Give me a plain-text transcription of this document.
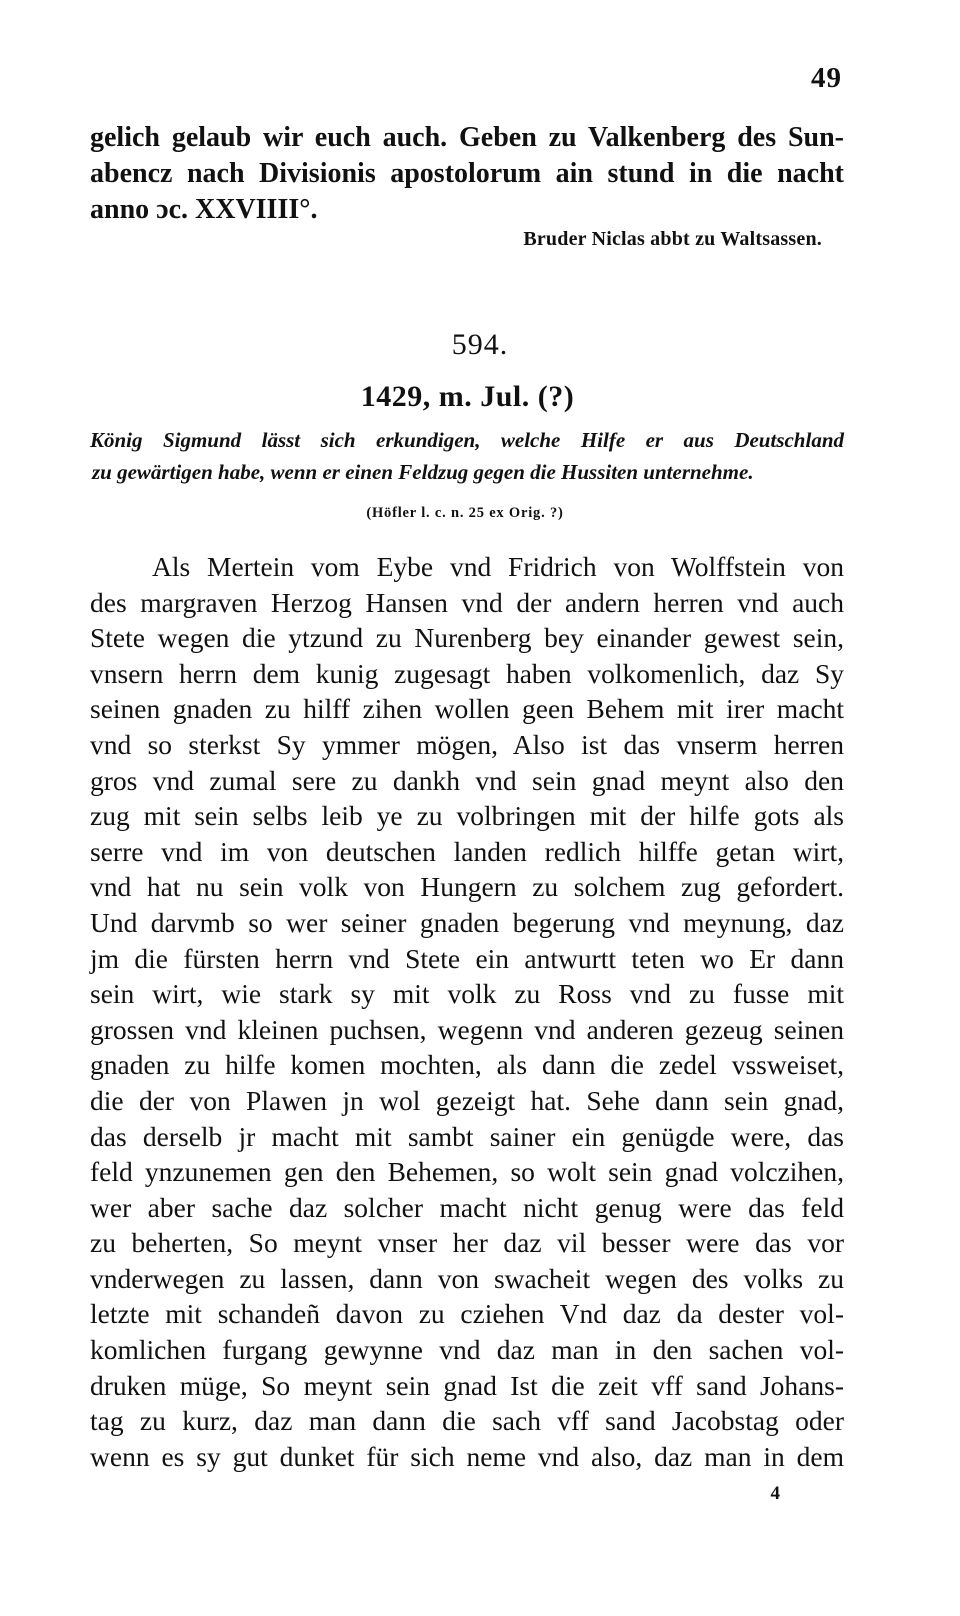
49
gelich gelaub wir euch auch. Geben zu Valkenberg des Sun-
abencz nach Divisionis apostolorum ain stund in die nacht
anno ɔc. XXVIIII°.
Bruder Niclas abbt zu Waltsassen.
594.
1429, m. Jul. (?)
König Sigmund lässt sich erkundigen, welche Hilfe er aus Deutschland
zu gewärtigen habe, wenn er einen Feldzug gegen die Hussiten unternehme.
(Höfler l. c. n. 25 ex Orig. ?)
Als Mertein vom Eybe vnd Fridrich von Wolffstein von
des margraven Herzog Hansen vnd der andern herren vnd auch
Stete wegen die ytzund zu Nurenberg bey einander gewest sein,
vnsern herrn dem kunig zugesagt haben volkomenlich, daz Sy
seinen gnaden zu hilff zihen wollen geen Behem mit irer macht
vnd so sterkst Sy ymmer mögen, Also ist das vnserm herren
gros vnd zumal sere zu dankh vnd sein gnad meynt also den
zug mit sein selbs leib ye zu volbringen mit der hilfe gots als
serre vnd im von deutschen landen redlich hilffe getan wirt,
vnd hat nu sein volk von Hungern zu solchem zug gefordert.
Und darvmb so wer seiner gnaden begerung vnd meynung, daz
jm die fürsten herrn vnd Stete ein antwurtt teten wo Er dann
sein wirt, wie stark sy mit volk zu Ross vnd zu fusse mit
grossen vnd kleinen puchsen, wegenn vnd anderen gezeug seinen
gnaden zu hilfe komen mochten, als dann die zedel vssweiset,
die der von Plawen jn wol gezeigt hat. Sehe dann sein gnad,
das derselb jr macht mit sambt sainer ein genügde were, das
feld ynzunemen gen den Behemen, so wolt sein gnad volczihen,
wer aber sache daz solcher macht nicht genug were das feld
zu beherten, So meynt vnser her daz vil besser were das vor
vnderwegen zu lassen, dann von swacheit wegen des volks zu
letzte mit schandeñ davon zu cziehen Vnd daz da dester vol-
komlichen furgang gewynne vnd daz man in den sachen vol-
druken müge, So meynt sein gnad Ist die zeit vff sand Johans-
tag zu kurz, daz man dann die sach vff sand Jacobstag oder
wenn es sy gut dunket für sich neme vnd also, daz man in dem
4
